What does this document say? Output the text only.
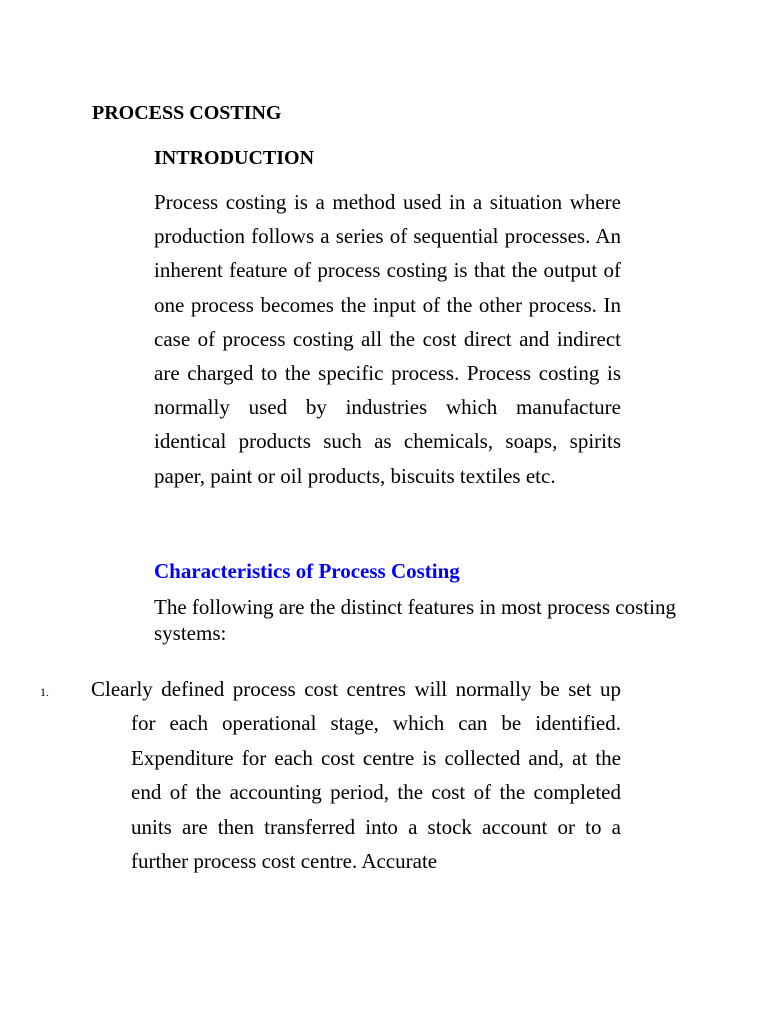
PROCESS COSTING
INTRODUCTION

Process costing is a method used in a situation where production follows a series of sequential processes. An inherent feature of process costing is that the output of one process becomes the input of the other process. In case of process costing all the cost direct and indirect are charged to the specific process. Process costing is normally used by industries which manufacture identical products such as chemicals, soaps, spirits paper, paint or oil products, biscuits textiles etc.

Characteristics of Process Costing

The following are the distinct features in most process costing systems:

1. Clearly defined process cost centres will normally be set up for each operational stage, which can be identified. Expenditure for each cost centre is collected and, at the end of the accounting period, the cost of the completed units are then transferred into a stock account or to a further process cost centre. Accurate
